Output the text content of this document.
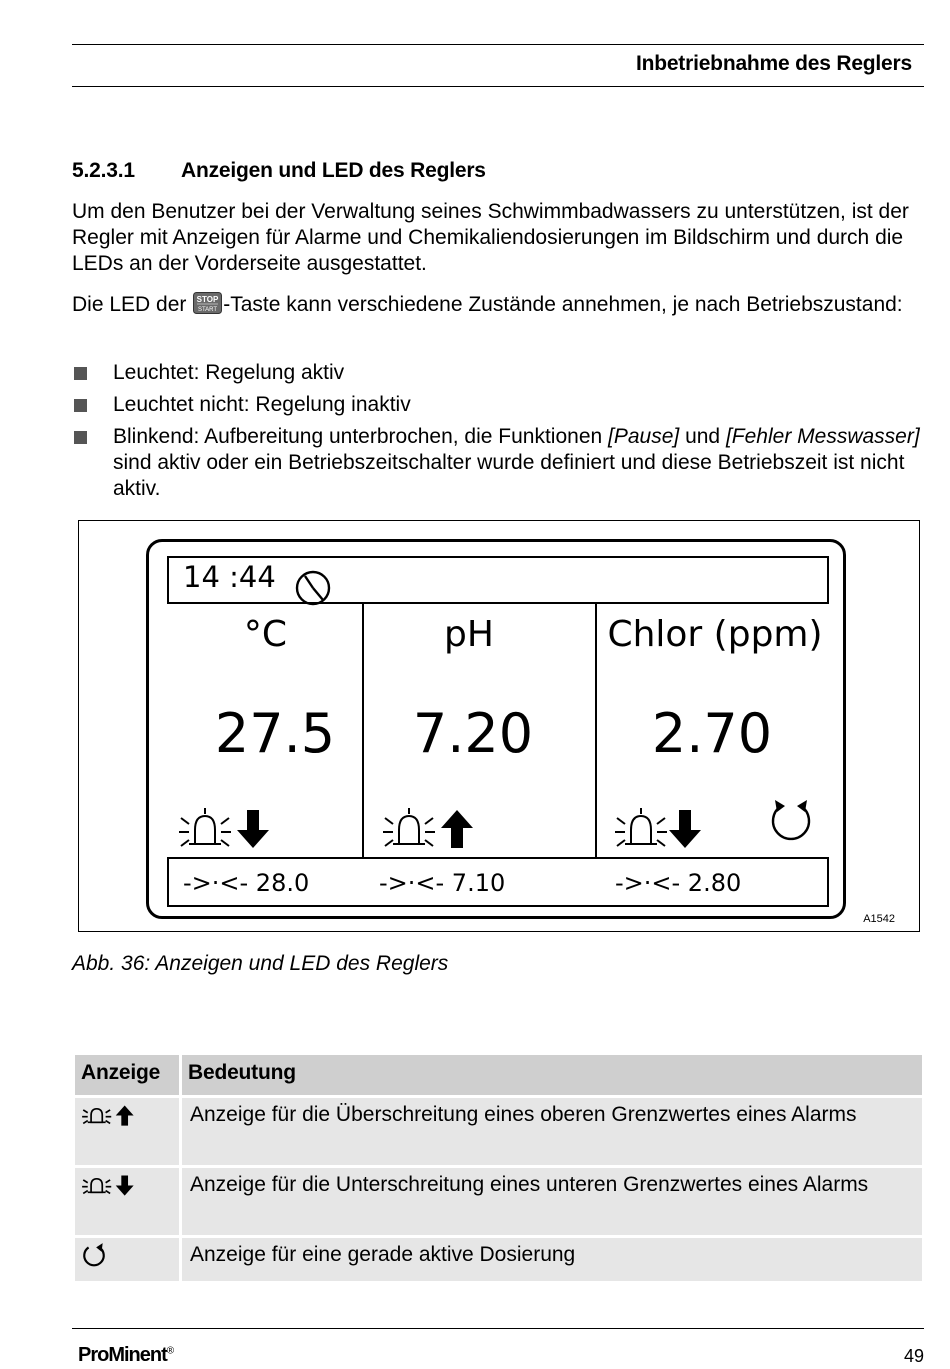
Inbetriebnahme des Reglers
5.2.3.1 Anzeigen und LED des Reglers

Um den Benutzer bei der Verwaltung seines Schwimmbadwassers zu unterstützen, ist der Regler mit Anzeigen für Alarme und Chemikaliendosierungen im Bildschirm und durch die LEDs an der Vorderseite ausgestattet.

Die LED der STOP
START -Taste kann verschiedene Zustände annehmen, je nach Betriebszustand:

Leuchtet: Regelung aktiv
Leuchtet nicht: Regelung inaktiv
Blinkend: Aufbereitung unterbrochen, die Funktionen [Pause] und [Fehler Messwasser] sind aktiv oder ein Betriebszeitschalter wurde definiert und diese Betriebszeit ist nicht aktiv.
14 :44
°C
27.5
pH
7.20
Chlor (ppm)
2.70
->·<- 28.0	->·<- 7.10	->·<- 2.80
A1542
Abb. 36: Anzeigen und LED des Reglers
Anzeige	Bedeutung
	Anzeige für die Überschreitung eines oberen Grenzwertes eines Alarms
	Anzeige für die Unterschreitung eines unteren Grenzwertes eines Alarms
	Anzeige für eine gerade aktive Dosierung
ProMinent®	49
